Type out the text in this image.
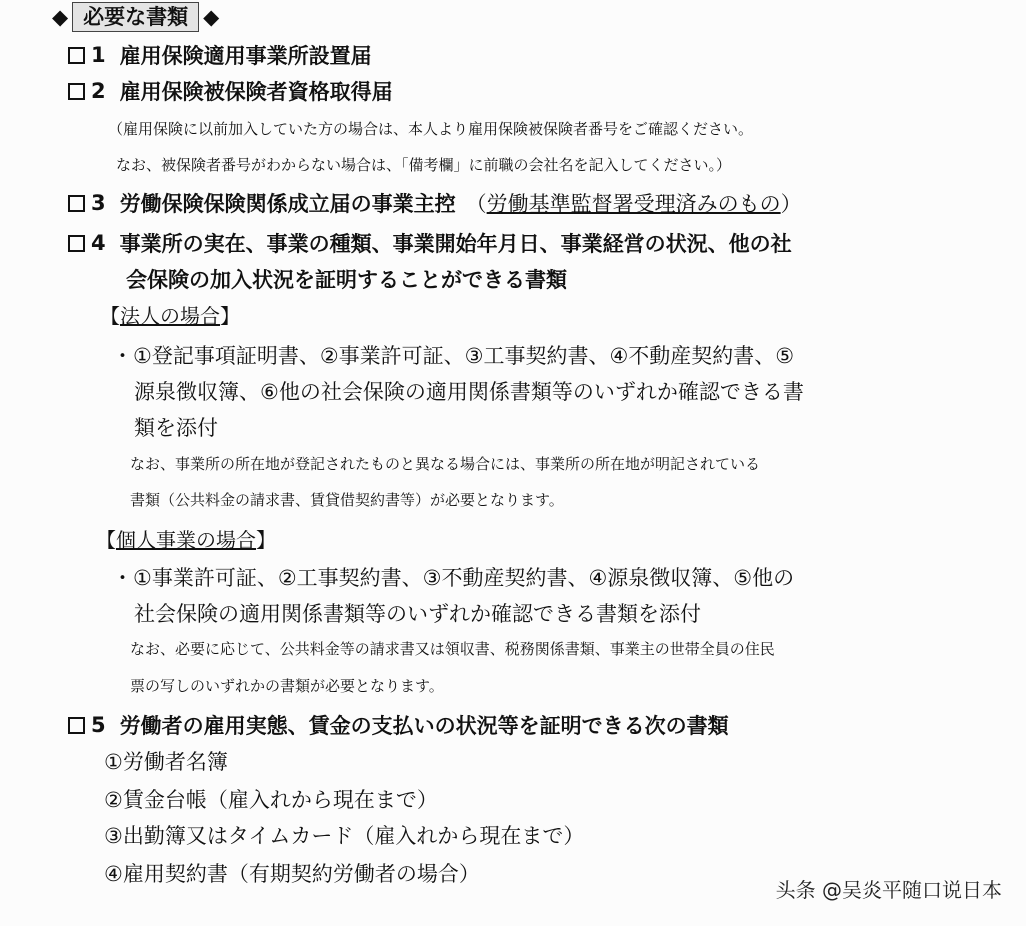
◆ 必要な書類 ◆
1 雇用保険適用事業所設置届
2 雇用保険被保険者資格取得届
（雇用保険に以前加入していた方の場合は、本人より雇用保険被保険者番号をご確認ください。
なお、被保険者番号がわからない場合は、「備考欄」に前職の会社名を記入してください。）
3 労働保険保険関係成立届の事業主控 （労働基準監督署受理済みのもの）
4 事業所の実在、事業の種類、事業開始年月日、事業経営の状況、他の社
会保険の加入状況を証明することができる書類
【法人の場合】
・①登記事項証明書、②事業許可証、③工事契約書、④不動産契約書、⑤
源泉徴収簿、⑥他の社会保険の適用関係書類等のいずれか確認できる書
類を添付
なお、事業所の所在地が登記されたものと異なる場合には、事業所の所在地が明記されている
書類（公共料金の請求書、賃貸借契約書等）が必要となります。
【個人事業の場合】
・①事業許可証、②工事契約書、③不動産契約書、④源泉徴収簿、⑤他の
社会保険の適用関係書類等のいずれか確認できる書類を添付
なお、必要に応じて、公共料金等の請求書又は領収書、税務関係書類、事業主の世帯全員の住民
票の写しのいずれかの書類が必要となります。
5 労働者の雇用実態、賃金の支払いの状況等を証明できる次の書類
①労働者名簿
②賃金台帳（雇入れから現在まで）
③出勤簿又はタイムカード（雇入れから現在まで）
④雇用契約書（有期契約労働者の場合）
头条 @吴炎平随口说日本
